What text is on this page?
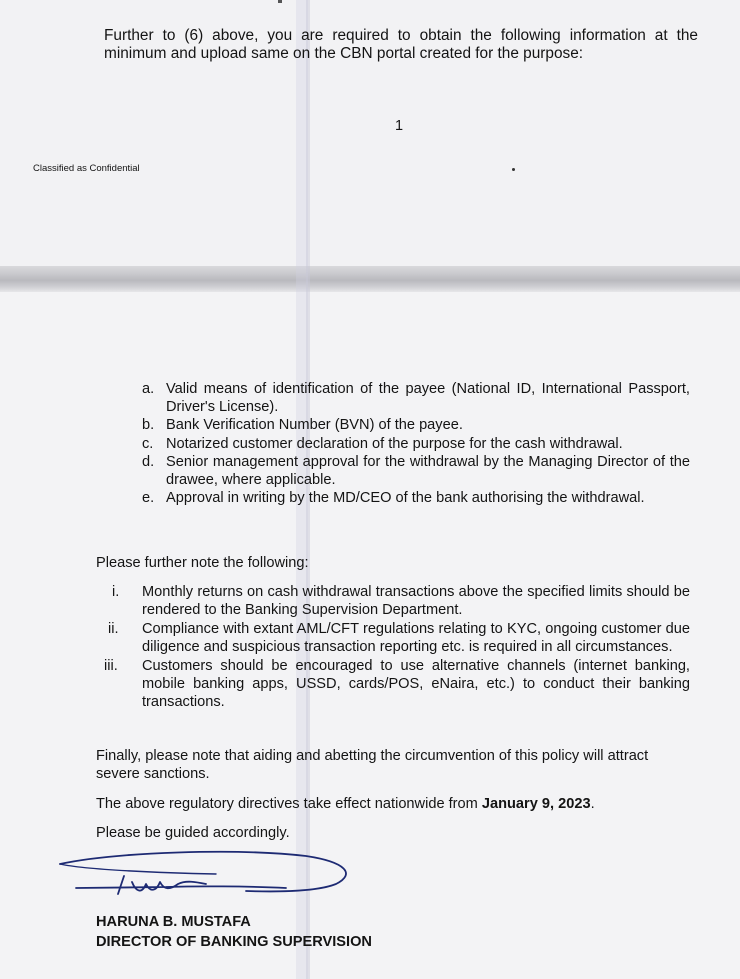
Further to (6) above, you are required to obtain the following information at the minimum and upload same on the CBN portal created for the purpose:

1
Classified as Confidential
a. Valid means of identification of the payee (National ID, International Passport, Driver's License).
b. Bank Verification Number (BVN) of the payee.
c. Notarized customer declaration of the purpose for the cash withdrawal.
d. Senior management approval for the withdrawal by the Managing Director of the drawee, where applicable.
e. Approval in writing by the MD/CEO of the bank authorising the withdrawal.
Please further note the following:
i.	Monthly returns on cash withdrawal transactions above the specified limits should be rendered to the Banking Supervision Department.
ii.	Compliance with extant AML/CFT regulations relating to KYC, ongoing customer due diligence and suspicious transaction reporting etc. is required in all circumstances.
iii.	Customers should be encouraged to use alternative channels (internet banking, mobile banking apps, USSD, cards/POS, eNaira, etc.) to conduct their banking transactions.

Finally, please note that aiding and abetting the circumvention of this policy will attract severe sanctions.

The above regulatory directives take effect nationwide from January 9, 2023.

Please be guided accordingly.

HARUNA B. MUSTAFA
DIRECTOR OF BANKING SUPERVISION
